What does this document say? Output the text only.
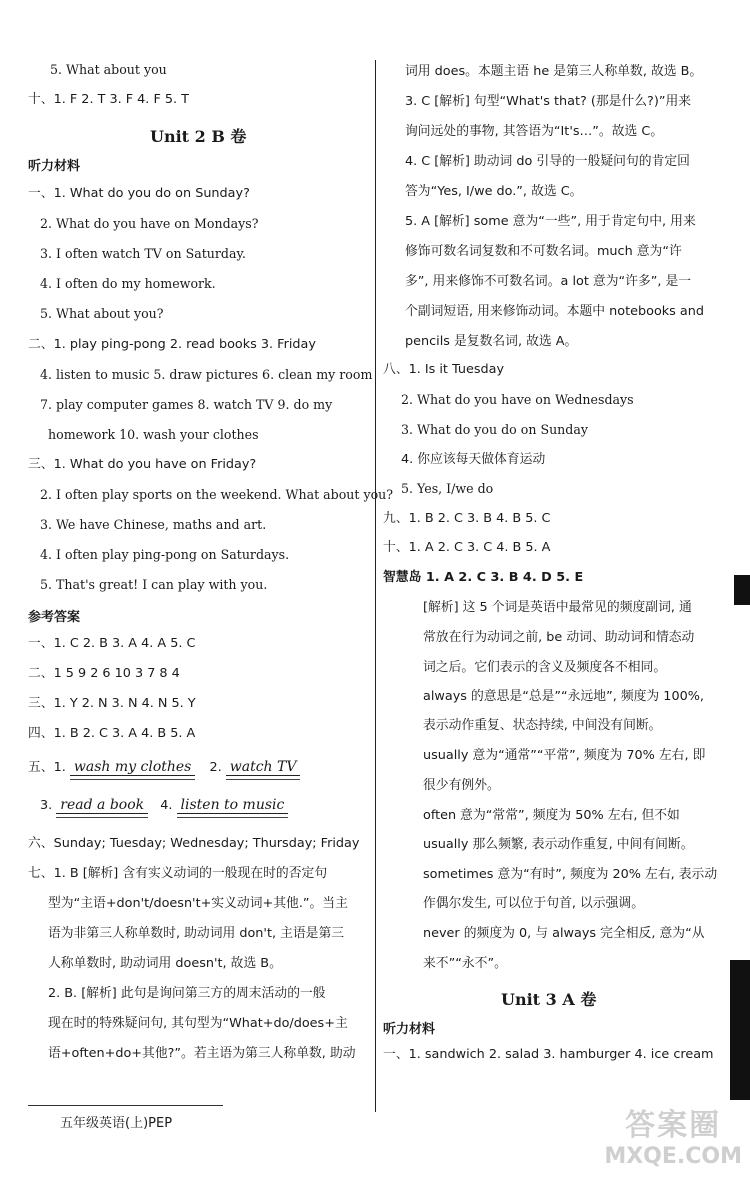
5. What about you
十、1. F 2. T 3. F 4. F 5. T
Unit 2 B 卷
听力材料
一、1. What do you do on Sunday?
2. What do you have on Mondays?
3. I often watch TV on Saturday.
4. I often do my homework.
5. What about you?
二、1. play ping-pong 2. read books 3. Friday
4. listen to music 5. draw pictures 6. clean my room
7. play computer games 8. watch TV 9. do my
homework 10. wash your clothes
三、1. What do you have on Friday?
2. I often play sports on the weekend. What about you?
3. We have Chinese, maths and art.
4. I often play ping-pong on Saturdays.
5. That's great! I can play with you.
参考答案
一、1. C 2. B 3. A 4. A 5. C
二、1 5 9 2 6 10 3 7 8 4
三、1. Y 2. N 3. N 4. N 5. Y
四、1. B 2. C 3. A 4. B 5. A
五、1. wash my clothes 2. watch TV
3. read a book 4. listen to music
六、Sunday; Tuesday; Wednesday; Thursday; Friday
七、1. B [解析] 含有实义动词的一般现在时的否定句
型为“主语+don't/doesn't+实义动词+其他.”。当主
语为非第三人称单数时, 助动词用 don't, 主语是第三
人称单数时, 助动词用 doesn't, 故选 B。
2. B. [解析] 此句是询问第三方的周末活动的一般
现在时的特殊疑问句, 其句型为“What+do/does+主
语+often+do+其他?”。若主语为第三人称单数, 助动
词用 does。本题主语 he 是第三人称单数, 故选 B。
3. C [解析] 句型“What's that? (那是什么?)”用来
询问远处的事物, 其答语为“It's…”。故选 C。
4. C [解析] 助动词 do 引导的一般疑问句的肯定回
答为“Yes, I/we do.”, 故选 C。
5. A [解析] some 意为“一些”, 用于肯定句中, 用来
修饰可数名词复数和不可数名词。much 意为“许
多”, 用来修饰不可数名词。a lot 意为“许多”, 是一
个副词短语, 用来修饰动词。本题中 notebooks and
pencils 是复数名词, 故选 A。
八、1. Is it Tuesday
2. What do you have on Wednesdays
3. What do you do on Sunday
4. 你应该每天做体育运动
5. Yes, I/we do
九、1. B 2. C 3. B 4. B 5. C
十、1. A 2. C 3. C 4. B 5. A
智慧岛 1. A 2. C 3. B 4. D 5. E
[解析] 这 5 个词是英语中最常见的频度副词, 通
常放在行为动词之前, be 动词、助动词和情态动
词之后。它们表示的含义及频度各不相同。
always 的意思是“总是”“永远地”, 频度为 100%,
表示动作重复、状态持续, 中间没有间断。
usually 意为“通常”“平常”, 频度为 70% 左右, 即
很少有例外。
often 意为“常常”, 频度为 50% 左右, 但不如
usually 那么频繁, 表示动作重复, 中间有间断。
sometimes 意为“有时”, 频度为 20% 左右, 表示动
作偶尔发生, 可以位于句首, 以示强调。
never 的频度为 0, 与 always 完全相反, 意为“从
来不”“永不”。
Unit 3 A 卷
听力材料
一、1. sandwich 2. salad 3. hamburger 4. ice cream
五年级英语(上)PEP	答案圈
MXQE.COM
